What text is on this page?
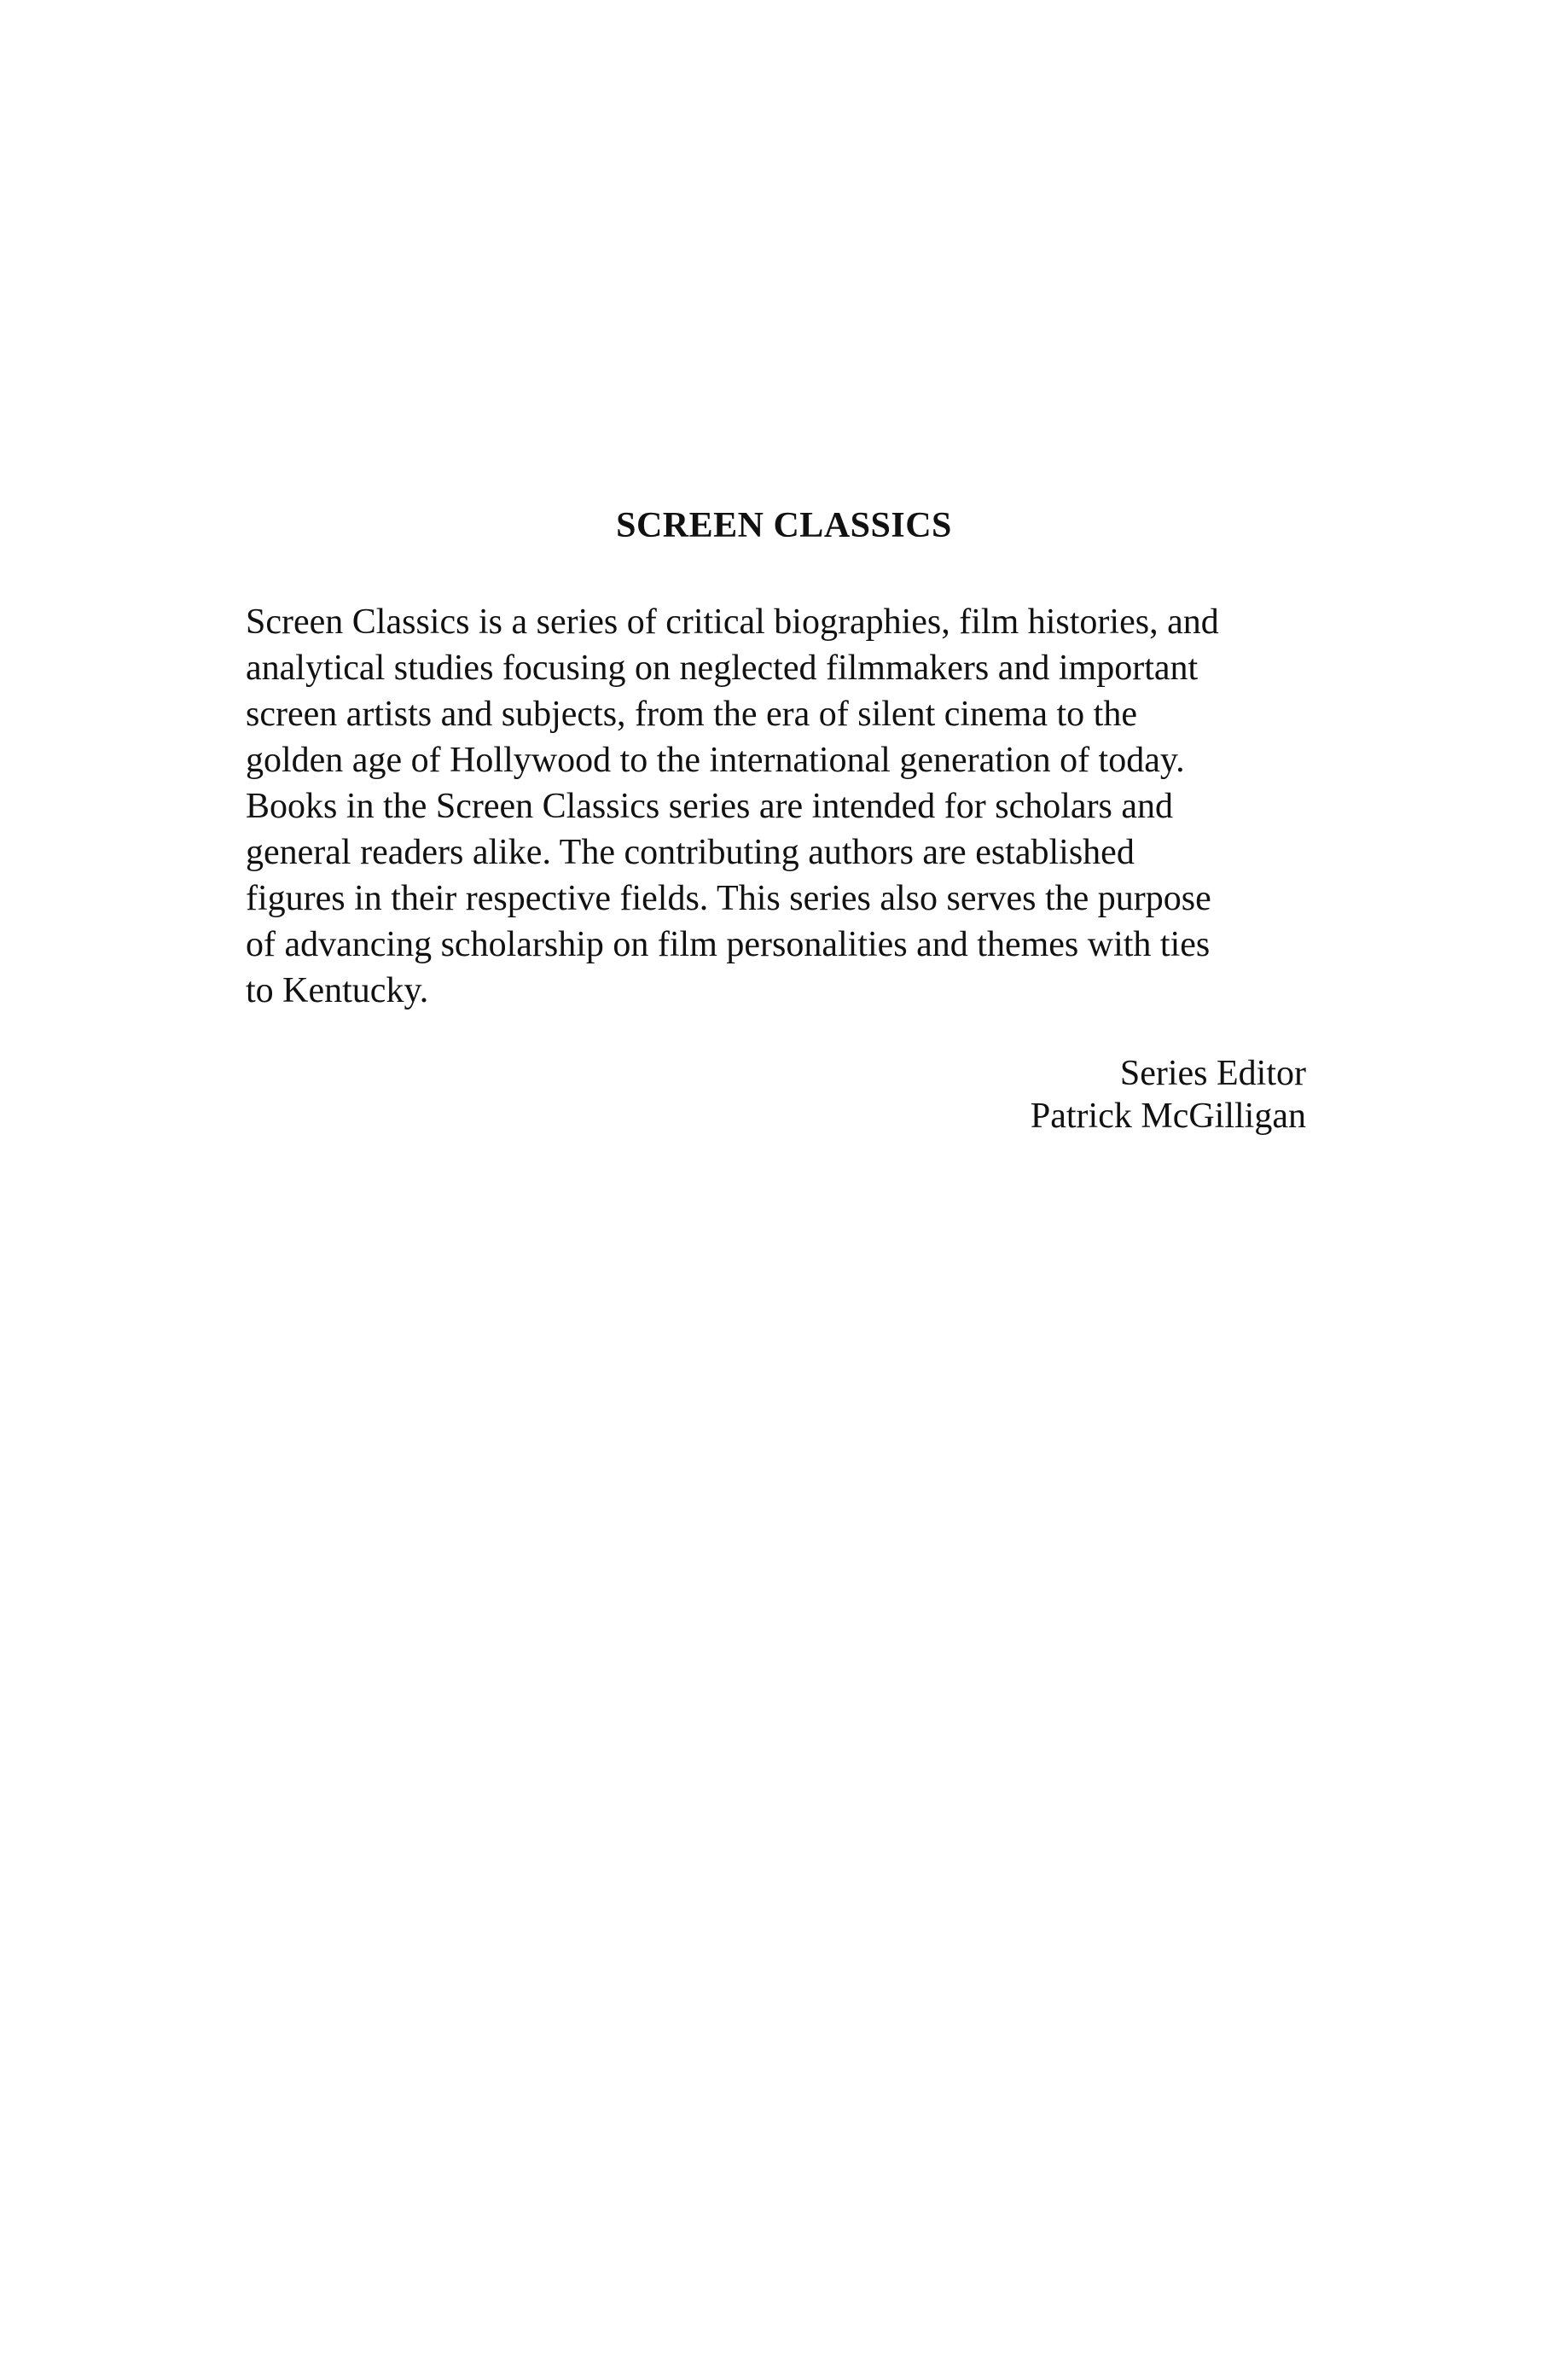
SCREEN CLASSICS
Screen Classics is a series of critical biographies, film histories, and
analytical studies focusing on neglected filmmakers and important
screen artists and subjects, from the era of silent cinema to the
golden age of Hollywood to the international generation of today.
Books in the Screen Classics series are intended for scholars and
general readers alike. The contributing authors are established
figures in their respective fields. This series also serves the purpose
of advancing scholarship on film personalities and themes with ties
to Kentucky.
Series Editor
Patrick McGilligan
